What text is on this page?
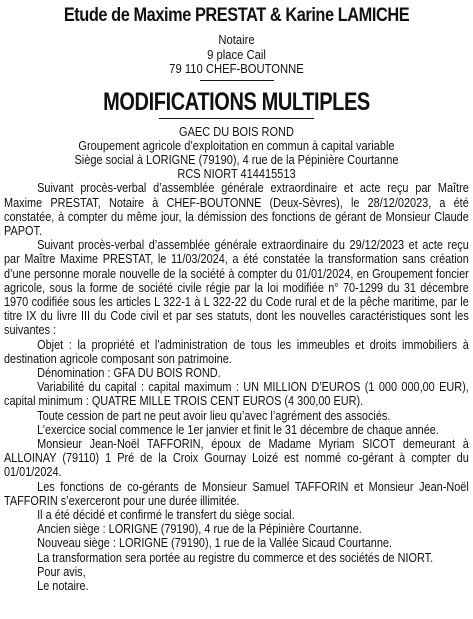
Etude de Maxime PRESTAT & Karine LAMICHE
Notaire
9 place Cail
79 110 CHEF-BOUTONNE
MODIFICATIONS MULTIPLES
GAEC DU BOIS ROND
Groupement agricole d’exploitation en commun à capital variable
Siège social à LORIGNE (79190), 4 rue de la Pépinière Courtanne
RCS NIORT 414415513

Suivant procès-verbal d’assemblée générale extraordinaire et acte reçu par Maître Maxime PRESTAT, Notaire à CHEF-BOUTONNE (Deux-Sèvres), le 28/12/02023, a été constatée, à compter du même jour, la démission des fonctions de gérant de Monsieur Claude PAPOT.

Suivant procès-verbal d’assemblée générale extraordinaire du 29/12/2023 et acte reçu par Maître Maxime PRESTAT, le 11/03/2024, a été constatée la transformation sans création d’une personne morale nouvelle de la société à compter du 01/01/2024, en Groupement foncier agricole, sous la forme de société civile régie par la loi modifiée n° 70-1299 du 31 décembre 1970 codifiée sous les articles L 322-1 à L 322-22 du Code rural et de la pêche maritime, par le titre IX du livre III du Code civil et par ses statuts, dont les nouvelles caractéristiques sont les suivantes :

Objet : la propriété et l’administration de tous les immeubles et droits immobiliers à destination agricole composant son patrimoine.

Dénomination : GFA DU BOIS ROND.

Variabilité du capital : capital maximum : UN MILLION D’EUROS (1 000 000,00 EUR), capital minimum : QUATRE MILLE TROIS CENT EUROS (4 300,00 EUR).

Toute cession de part ne peut avoir lieu qu’avec l’agrément des associés.

L’exercice social commence le 1er janvier et finit le 31 décembre de chaque année.

Monsieur Jean-Noël TAFFORIN, époux de Madame Myriam SICOT demeurant à ALLOINAY (79110) 1 Pré de la Croix Gournay Loizé est nommé co-gérant à compter du 01/01/2024.

Les fonctions de co-gérants de Monsieur Samuel TAFFORIN et Monsieur Jean-Noël TAFFORIN s’exerceront pour une durée illimitée.

Il a été décidé et confirmé le transfert du siège social.

Ancien siège : LORIGNE (79190), 4 rue de la Pépinière Courtanne.

Nouveau siège : LORIGNE (79190), 1 rue de la Vallée Sicaud Courtanne.

La transformation sera portée au registre du commerce et des sociétés de NIORT.

Pour avis,

Le notaire.
